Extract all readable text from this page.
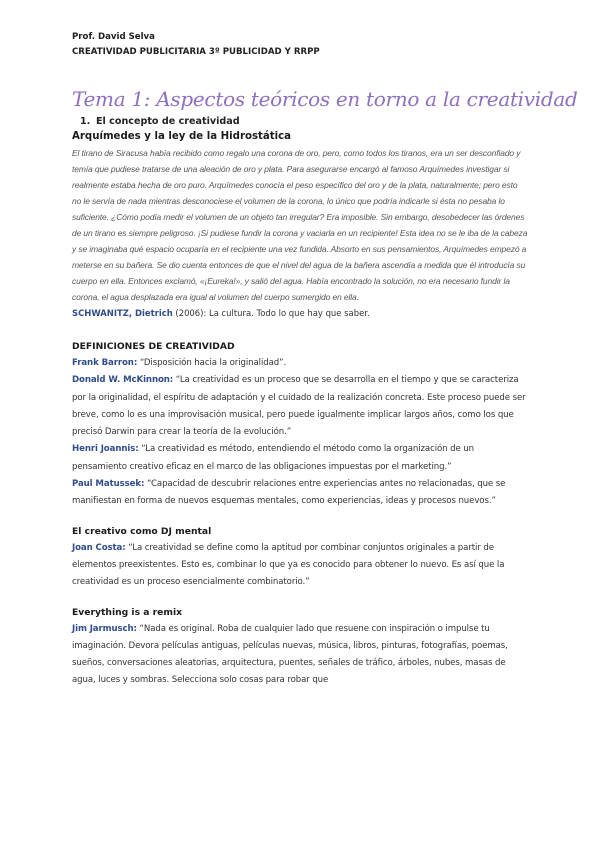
Prof. David Selva
CREATIVIDAD PUBLICITARIA 3º PUBLICIDAD Y RRPP
Tema 1: Aspectos teóricos en torno a la creatividad
1. El concepto de creatividad
Arquímedes y la ley de la Hidrostática
El tirano de Siracusa había recibido como regalo una corona de oro, pero, como todos los tiranos, era un ser desconfiado y temía que pudiese tratarse de una aleación de oro y plata. Para asegurarse encargó al famoso Arquímedes investigar si realmente estaba hecha de oro puro. Arquímedes conocía el peso específico del oro y de la plata, naturalmente; pero esto no le servía de nada mientras desconociese el volumen de la corona, lo único que podría indicarle si ésta no pesaba lo suficiente. ¿Cómo podía medir el volumen de un objeto tan irregular? Era imposible. Sin embargo, desobedecer las órdenes de un tirano es siempre peligroso. ¡Si pudiese fundir la corona y vaciarla en un recipiente! Esta idea no se le iba de la cabeza y se imaginaba qué espacio ocuparía en el recipiente una vez fundida. Absorto en sus pensamientos, Arquímedes empezó a meterse en su bañera. Se dio cuenta entonces de que el nivel del agua de la bañera ascendía a medida que él introducía su cuerpo en ella. Entonces exclamó, «¡Eureka!», y salió del agua. Había encontrado la solución, no era necesario fundir la corona, el agua desplazada era igual al volumen del cuerpo sumergido en ella.
SCHWANITZ, Dietrich (2006): La cultura. Todo lo que hay que saber.
DEFINICIONES DE CREATIVIDAD
Frank Barron: “Disposición hacia la originalidad”.
Donald W. McKinnon: “La creatividad es un proceso que se desarrolla en el tiempo y que se caracteriza por la originalidad, el espíritu de adaptación y el cuidado de la realización concreta. Este proceso puede ser breve, como lo es una improvisación musical, pero puede igualmente implicar largos años, como los que precisó Darwin para crear la teoría de la evolución.”
Henri Joannis: “La creatividad es método, entendiendo el método como la organización de un pensamiento creativo eficaz en el marco de las obligaciones impuestas por el marketing.”
Paul Matussek: “Capacidad de descubrir relaciones entre experiencias antes no relacionadas, que se manifiestan en forma de nuevos esquemas mentales, como experiencias, ideas y procesos nuevos.”
El creativo como DJ mental
Joan Costa: “La creatividad se define como la aptitud por combinar conjuntos originales a partir de elementos preexistentes. Esto es, combinar lo que ya es conocido para obtener lo nuevo. Es así que la creatividad es un proceso esencialmente combinatorio.”
Everything is a remix
Jim Jarmusch: “Nada es original. Roba de cualquier lado que resuene con inspiración o impulse tu imaginación. Devora películas antiguas, películas nuevas, música, libros, pinturas, fotografías, poemas, sueños, conversaciones aleatorias, arquitectura, puentes, señales de tráfico, árboles, nubes, masas de agua, luces y sombras. Selecciona solo cosas para robar que
